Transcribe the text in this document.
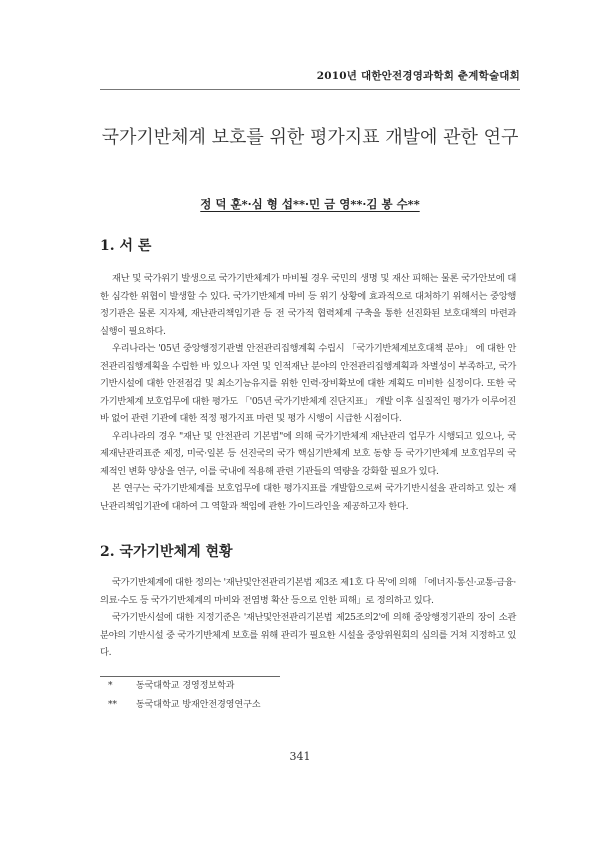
2010년 대한안전경영과학회 춘계학술대회
국가기반체계 보호를 위한 평가지표 개발에 관한 연구
정 덕 훈*·심 형 섭**·민 금 영**·김 봉 수**
1. 서 론

재난 및 국가위기 발생으로 국가기반체계가 마비될 경우 국민의 생명 및 재산 피해는 물론 국가안보에 대한 심각한 위협이 발생할 수 있다. 국가기반체계 마비 등 위기 상황에 효과적으로 대처하기 위해서는 중앙행정기관은 물론 지자체, 재난관리책임기관 등 전 국가적 협력체계 구축을 통한 선진화된 보호대책의 마련과 실행이 필요하다.

우리나라는 '05년 중앙행정기관별 안전관리집행계획 수립시 「국가기반체계보호대책 분야」 에 대한 안전관리집행계획을 수립한 바 있으나 자연 및 인적재난 분야의 안전관리집행계획과 차별성이 부족하고, 국가기반시설에 대한 안전점검 및 최소기능유지를 위한 인력·장비확보에 대한 계획도 미비한 실정이다. 또한 국가기반체계 보호업무에 대한 평가도 「'05년 국가기반체계 진단지표」 개발 이후 실질적인 평가가 이루어진 바 없어 관련 기관에 대한 적정 평가지표 마련 및 평가 시행이 시급한 시점이다.

우리나라의 경우 "재난 및 안전관리 기본법"에 의해 국가기반체계 재난관리 업무가 시행되고 있으나, 국제재난관리표준 제정, 미국·일본 등 선진국의 국가 핵심기반체계 보호 동향 등 국가기반체계 보호업무의 국제적인 변화 양상을 연구, 이를 국내에 적용해 관련 기관들의 역량을 강화할 필요가 있다.

본 연구는 국가기반체계를 보호업무에 대한 평가지표를 개발함으로써 국가기반시설을 관리하고 있는 재난관리책임기관에 대하여 그 역할과 책임에 관한 가이드라인을 제공하고자 한다.

2. 국가기반체계 현황

국가기반체계에 대한 정의는 '재난및안전관리기본법 제3조 제1호 다 목'에 의해 「에너지·통신·교통·금융·의료·수도 등 국가기반체계의 마비와 전염병 확산 등으로 인한 피해」로 정의하고 있다.

국가기반시설에 대한 지정기준은 '재난및안전관리기본법 제25조의2'에 의해 중앙행정기관의 장이 소관 분야의 기반시설 중 국가기반체계 보호를 위해 관리가 필요한 시설을 중앙위원회의 심의를 거쳐 지정하고 있다.

*	동국대학교 경영정보학과
**	동국대학교 방재안전경영연구소
341
